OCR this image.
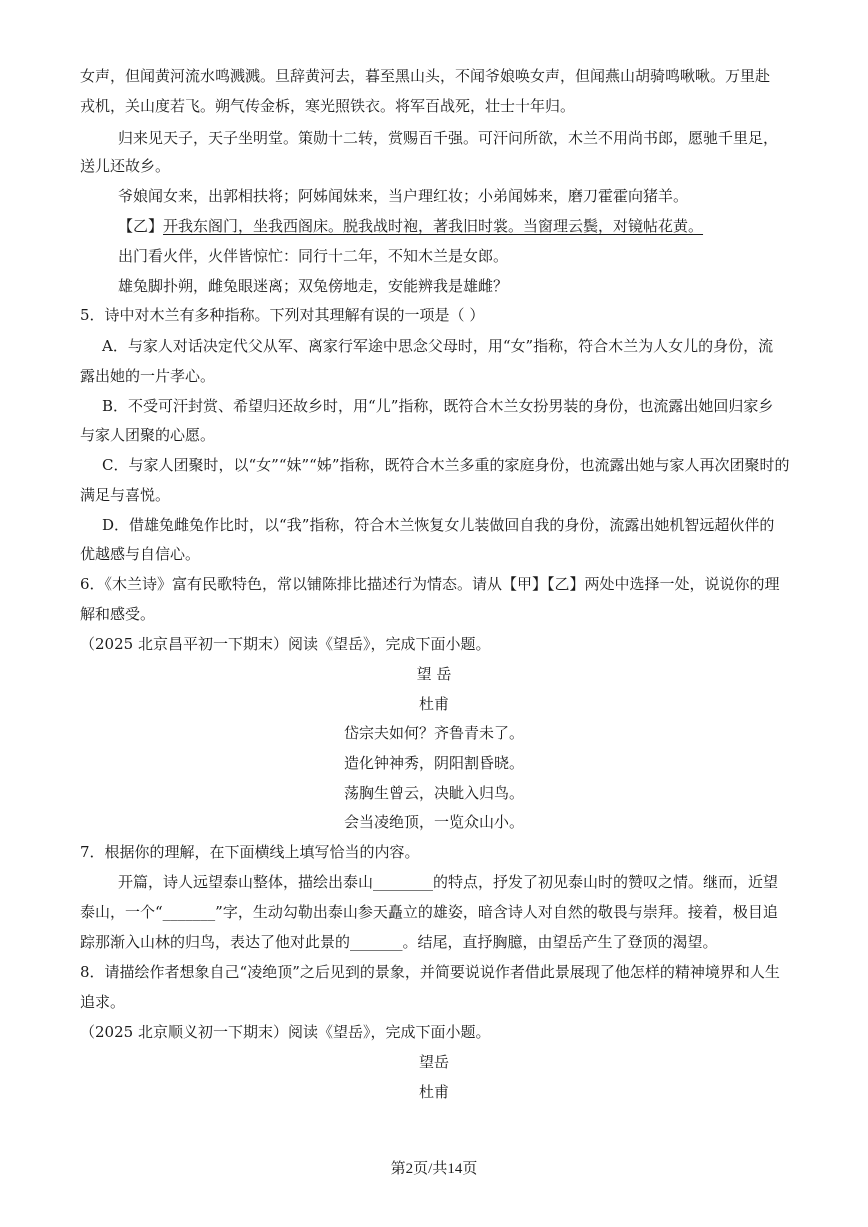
女声，但闻黄河流水鸣溅溅。旦辞黄河去，暮至黑山头，不闻爷娘唤女声，但闻燕山胡骑鸣啾啾。万里赴
戎机，关山度若飞。朔气传金柝，寒光照铁衣。将军百战死，壮士十年归。
归来见天子，天子坐明堂。策勋十二转，赏赐百千强。可汗问所欲，木兰不用尚书郎，愿驰千里足，
送儿还故乡。
爷娘闻女来，出郭相扶将；阿姊闻妹来，当户理红妆；小弟闻姊来，磨刀霍霍向猪羊。
【乙】开我东阁门，坐我西阁床。脱我战时袍，著我旧时裳。当窗理云鬓，对镜帖花黄。
出门看火伴，火伴皆惊忙：同行十二年，不知木兰是女郎。
雄兔脚扑朔，雌兔眼迷离；双兔傍地走，安能辨我是雄雌？
5．诗中对木兰有多种指称。下列对其理解有误的一项是（ ）
A．与家人对话决定代父从军、离家行军途中思念父母时，用“女”指称，符合木兰为人女儿的身份，流
露出她的一片孝心。
B．不受可汗封赏、希望归还故乡时，用“儿”指称，既符合木兰女扮男装的身份，也流露出她回归家乡
与家人团聚的心愿。
C．与家人团聚时，以“女”“妹”“姊”指称，既符合木兰多重的家庭身份，也流露出她与家人再次团聚时的
满足与喜悦。
D．借雄兔雌兔作比时，以“我”指称，符合木兰恢复女儿装做回自我的身份，流露出她机智远超伙伴的
优越感与自信心。
6．《木兰诗》富有民歌特色，常以铺陈排比描述行为情态。请从【甲】【乙】两处中选择一处，说说你的理
解和感受。
（2025 北京昌平初一下期末）阅读《望岳》，完成下面小题。
望 岳
杜甫
岱宗夫如何？齐鲁青未了。
造化钟神秀，阴阳割昏晓。
荡胸生曾云，决眦入归鸟。
会当凌绝顶，一览众山小。
7．根据你的理解，在下面横线上填写恰当的内容。
开篇，诗人远望泰山整体，描绘出泰山________的特点，抒发了初见泰山时的赞叹之情。继而，近望
泰山，一个“_______”字，生动勾勒出泰山参天矗立的雄姿，暗含诗人对自然的敬畏与崇拜。接着，极目追
踪那渐入山林的归鸟，表达了他对此景的_______。结尾，直抒胸臆，由望岳产生了登顶的渴望。
8．请描绘作者想象自己“凌绝顶”之后见到的景象，并简要说说作者借此景展现了他怎样的精神境界和人生
追求。
（2025 北京顺义初一下期末）阅读《望岳》，完成下面小题。
望岳
杜甫
第2页/共14页
